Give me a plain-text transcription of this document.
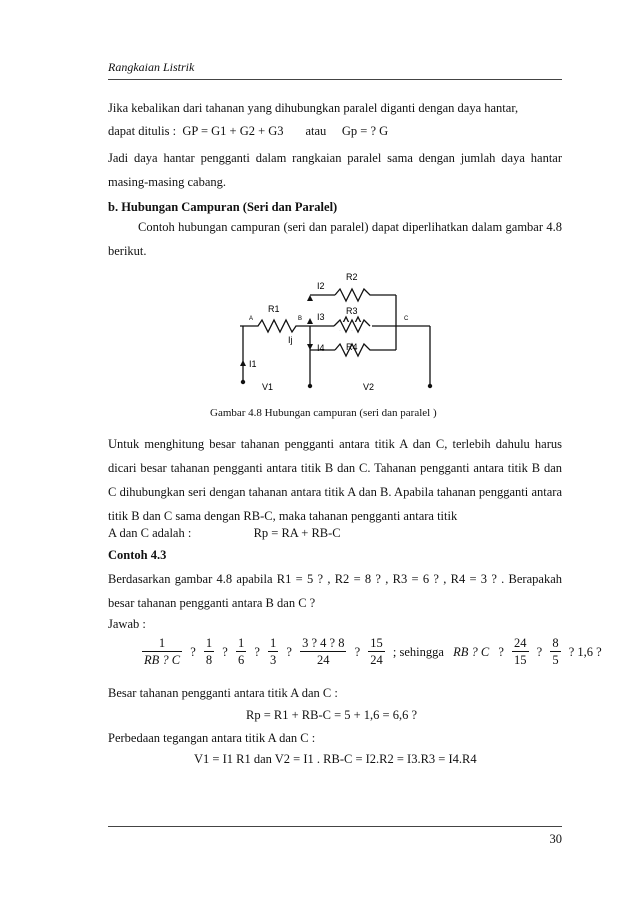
Rangkaian Listrik
Jika kebalikan dari tahanan yang dihubungkan paralel diganti dengan daya hantar,
dapat ditulis : GP = G1 + G2 + G3 atau Gp = ? G
Jadi daya hantar pengganti dalam rangkaian paralel sama dengan jumlah daya hantar masing-masing cabang.
b. Hubungan Campuran (Seri dan Paralel)
Contoh hubungan campuran (seri dan paralel) dapat diperlihatkan dalam gambar 4.8 berikut.
R2
I2
R1	R3
A	B	C
I3
Ij
I4 R4
I1
V1	V2
Gambar 4.8 Hubungan campuran (seri dan paralel )
Untuk menghitung besar tahanan pengganti antara titik A dan C, terlebih dahulu harus dicari besar tahanan pengganti antara titik B dan C. Tahanan pengganti antara titik B dan C dihubungkan seri dengan tahanan antara titik A dan B. Apabila tahanan pengganti antara titik B dan C sama dengan RB-C, maka tahanan pengganti antara titik
A dan C adalah :	Rp = RA + RB-C
Contoh 4.3
Berdasarkan gambar 4.8 apabila R1 = 5 ? , R2 = 8 ? , R3 = 6 ? , R4 = 3 ? . Berapakah besar tahanan pengganti antara B dan C ?
Jawab :
$\frac{1}{RB ? C}$ ? $\frac{1}{8}$ ? $\frac{1}{6}$ ? $\frac{1}{3}$ ? $\frac{3 ? 4 ? 8}{24}$ ? $\frac{15}{24}$ ; sehingga RB ? C ? $\frac{24}{15}$ ? $\frac{8}{5}$ ? 1,6 ?
Besar tahanan pengganti antara titik A dan C :
Rp = R1 + RB-C = 5 + 1,6 = 6,6 ?
Perbedaan tegangan antara titik A dan C :
V1 = I1 R1 dan V2 = I1 . RB-C = I2.R2 = I3.R3 = I4.R4
30
